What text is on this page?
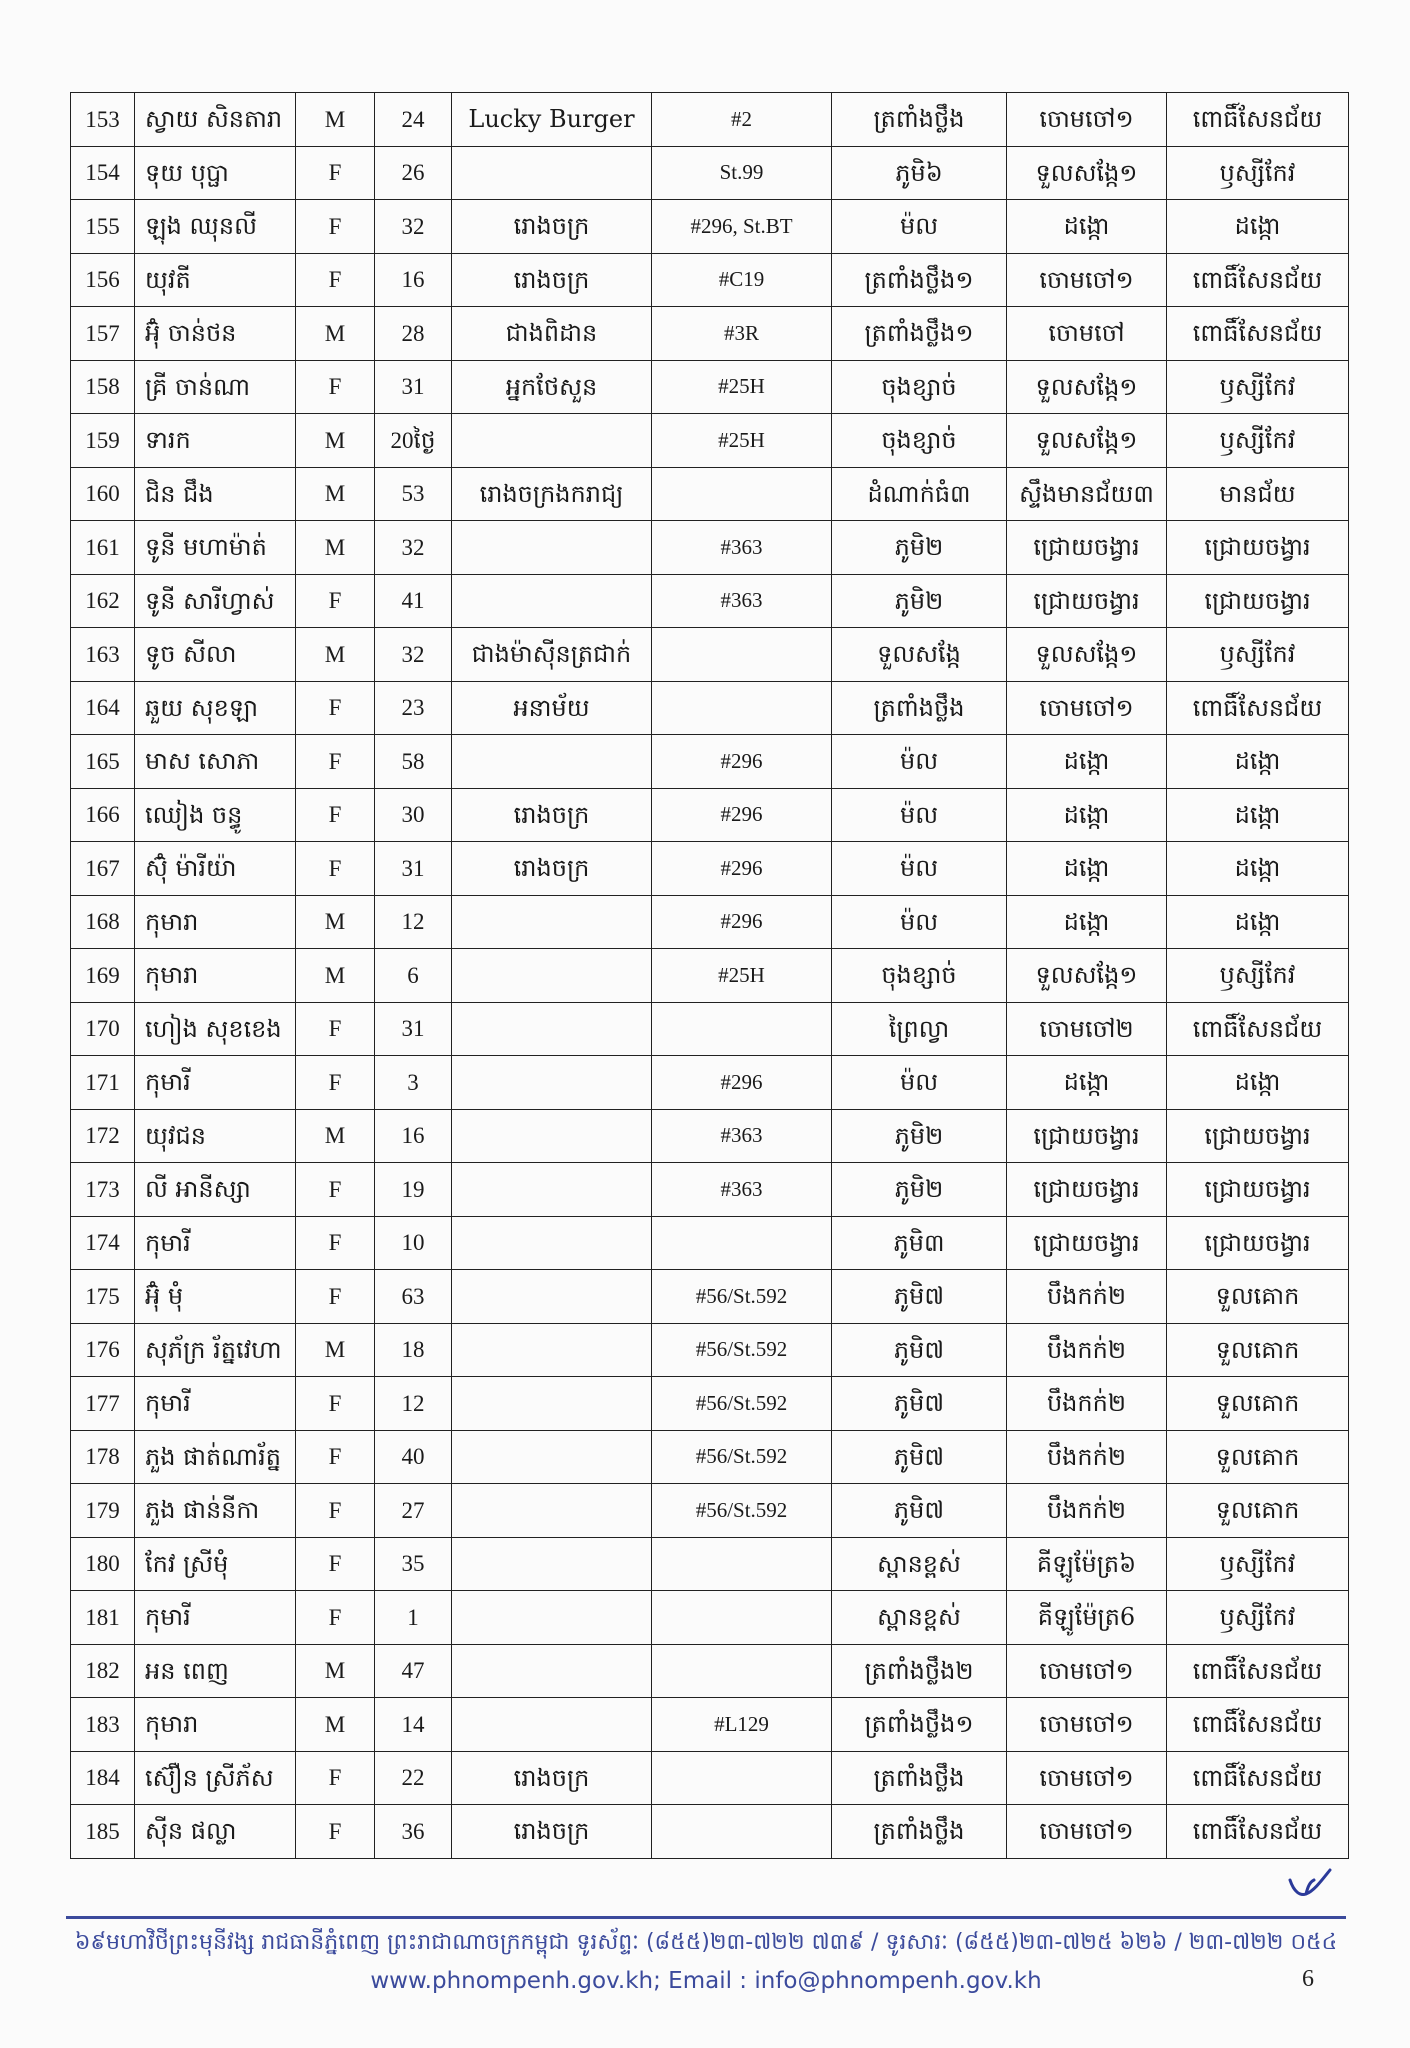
153	ស្វាយ សិនតារា	M	24	Lucky Burger	#2	ត្រពាំងថ្លឹង	ចោមចៅ១	ពោធិ៍សែនជ័យ
154	ទុយ បុប្ផា	F	26		St.99	ភូមិ៦	ទួលសង្កែ១	ឫស្សីកែវ
155	ឡុង ឈុនលី	F	32	រោងចក្រ	#296, St.BT	ម៉ល	ដង្កោ	ដង្កោ
156	យុវតី	F	16	រោងចក្រ	#C19	ត្រពាំងថ្លឹង១	ចោមចៅ១	ពោធិ៍សែនជ័យ
157	អ៊ុំ ចាន់ថន	M	28	ជាងពិដាន	#3R	ត្រពាំងថ្លឹង១	ចោមចៅ	ពោធិ៍សែនជ័យ
158	គ្រី ចាន់ណា	F	31	អ្នកថែសួន	#25H	ចុងខ្សាច់	ទួលសង្កែ១	ឫស្សីកែវ
159	ទារក	M	20ថ្ងៃ		#25H	ចុងខ្សាច់	ទួលសង្កែ១	ឫស្សីកែវ
160	ជិន ជឹង	M	53	រោងចក្រងករាជ្យ		ដំណាក់ធំ៣	ស្ទឹងមានជ័យ៣	មានជ័យ
161	ទូនី មហាម៉ាត់	M	32		#363	ភូមិ២	ជ្រោយចង្វារ	ជ្រោយចង្វារ
162	ទូនី សារីហ្វាស់	F	41		#363	ភូមិ២	ជ្រោយចង្វារ	ជ្រោយចង្វារ
163	ទូច សីលា	M	32	ជាងម៉ាស៊ីនត្រជាក់		ទួលសង្កែ	ទួលសង្កែ១	ឫស្សីកែវ
164	ឆួយ សុខឡា	F	23	អនាម័យ		ត្រពាំងថ្លឹង	ចោមចៅ១	ពោធិ៍សែនជ័យ
165	មាស សោភា	F	58		#296	ម៉ល	ដង្កោ	ដង្កោ
166	ឈៀង ចន្ធូ	F	30	រោងចក្រ	#296	ម៉ល	ដង្កោ	ដង្កោ
167	ស៊ុំ ម៉ារីយ៉ា	F	31	រោងចក្រ	#296	ម៉ល	ដង្កោ	ដង្កោ
168	កុមារា	M	12		#296	ម៉ល	ដង្កោ	ដង្កោ
169	កុមារា	M	6		#25H	ចុងខ្សាច់	ទួលសង្កែ១	ឫស្សីកែវ
170	ហៀង សុខខេង	F	31			ព្រៃល្វា	ចោមចៅ២	ពោធិ៍សែនជ័យ
171	កុមារី	F	3		#296	ម៉ល	ដង្កោ	ដង្កោ
172	យុវជន	M	16		#363	ភូមិ២	ជ្រោយចង្វារ	ជ្រោយចង្វារ
173	លី អានីស្សា	F	19		#363	ភូមិ២	ជ្រោយចង្វារ	ជ្រោយចង្វារ
174	កុមារី	F	10			ភូមិ៣	ជ្រោយចង្វារ	ជ្រោយចង្វារ
175	អ៊ុំ មុំ	F	63		#56/St.592	ភូមិ៧	បឹងកក់២	ទួលគោក
176	សុភ័ក្រ រ័ត្នវេហា	M	18		#56/St.592	ភូមិ៧	បឹងកក់២	ទួលគោក
177	កុមារី	F	12		#56/St.592	ភូមិ៧	បឹងកក់២	ទួលគោក
178	ភួង ផាត់ណារ័ត្ន	F	40		#56/St.592	ភូមិ៧	បឹងកក់២	ទួលគោក
179	ភួង ផាន់នីកា	F	27		#56/St.592	ភូមិ៧	បឹងកក់២	ទួលគោក
180	កែវ ស្រីមុំ	F	35			ស្ពានខ្ពស់	គីឡូម៉ែត្រ៦	ឫស្សីកែវ
181	កុមារី	F	1			ស្ពានខ្ពស់	គីឡូម៉ែត្រ6	ឫស្សីកែវ
182	អន ពេញ	M	47			ត្រពាំងថ្លឹង២	ចោមចៅ១	ពោធិ៍សែនជ័យ
183	កុមារា	M	14		#L129	ត្រពាំងថ្លឹង១	ចោមចៅ១	ពោធិ៍សែនជ័យ
184	ស៊ឿន ស្រីភ័ស	F	22	រោងចក្រ		ត្រពាំងថ្លឹង	ចោមចៅ១	ពោធិ៍សែនជ័យ
185	ស៊ីន ផល្លា	F	36	រោងចក្រ		ត្រពាំងថ្លឹង	ចោមចៅ១	ពោធិ៍សែនជ័យ
៦៩មហាវិថីព្រះមុនីវង្ស រាជធានីភ្នំពេញ ព្រះរាជាណាចក្រកម្ពុជា ទូរស័ព្ទៈ (៨៥៥)២៣-៧២២ ៧៣៩ / ទូរសារៈ (៨៥៥)២៣-៧២៥ ៦២៦ / ២៣-៧២២ ០៥៤
www.phnompenh.gov.kh; Email : info@phnompenh.gov.kh	6
